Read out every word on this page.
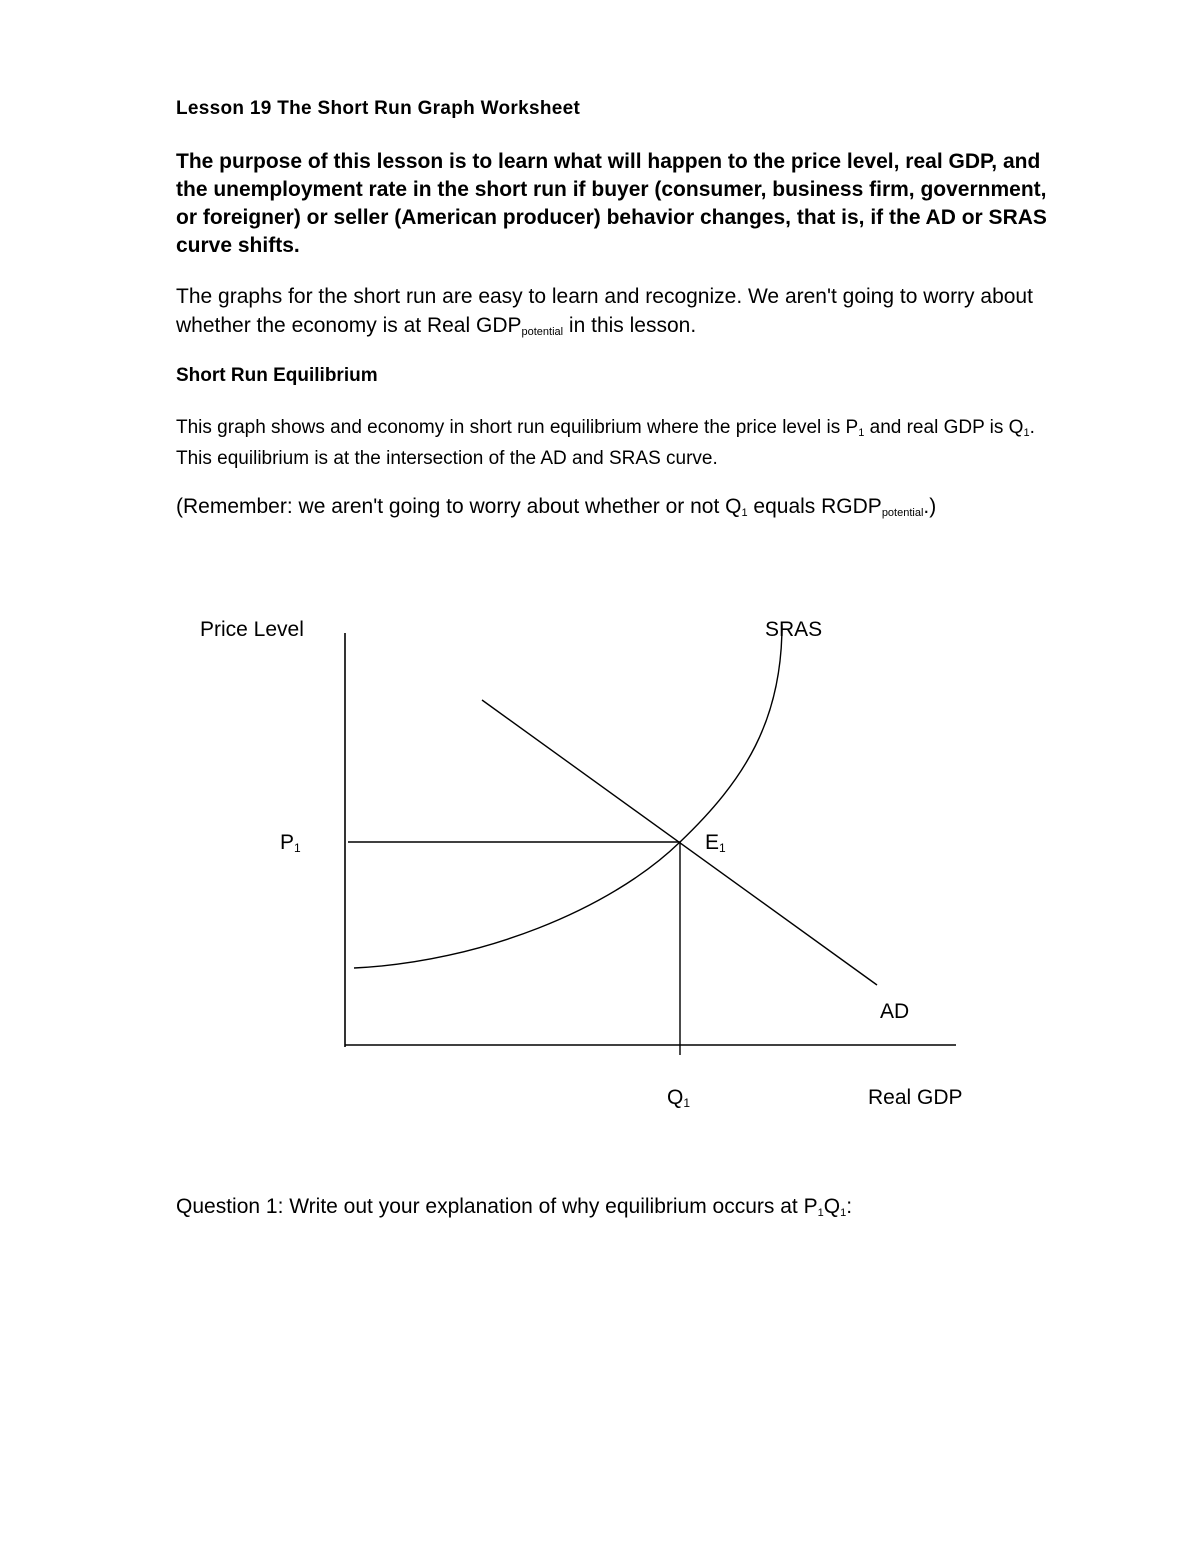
Lesson 19 The Short Run Graph Worksheet

The purpose of this lesson is to learn what will happen to the price level, real GDP, and the unemployment rate in the short run if buyer (consumer, business firm, government, or foreigner) or seller (American producer) behavior changes, that is, if the AD or SRAS curve shifts.

The graphs for the short run are easy to learn and recognize. We aren't going to worry about whether the economy is at Real $GDP_{potential}$ in this lesson.
Short Run Equilibrium
This graph shows and economy in short run equilibrium where the price level is $P_1$ and real GDP is $Q_1$. This equilibrium is at the intersection of the AD and SRAS curve.
(Remember: we aren't going to worry about whether or not $Q_1$ equals $RGDP_{potential}$.)
Price Level	SRAS
AD
Real GDP
P1	E1
Q1
Question 1: Write out your explanation of why equilibrium occurs at $P_1Q_1$:
